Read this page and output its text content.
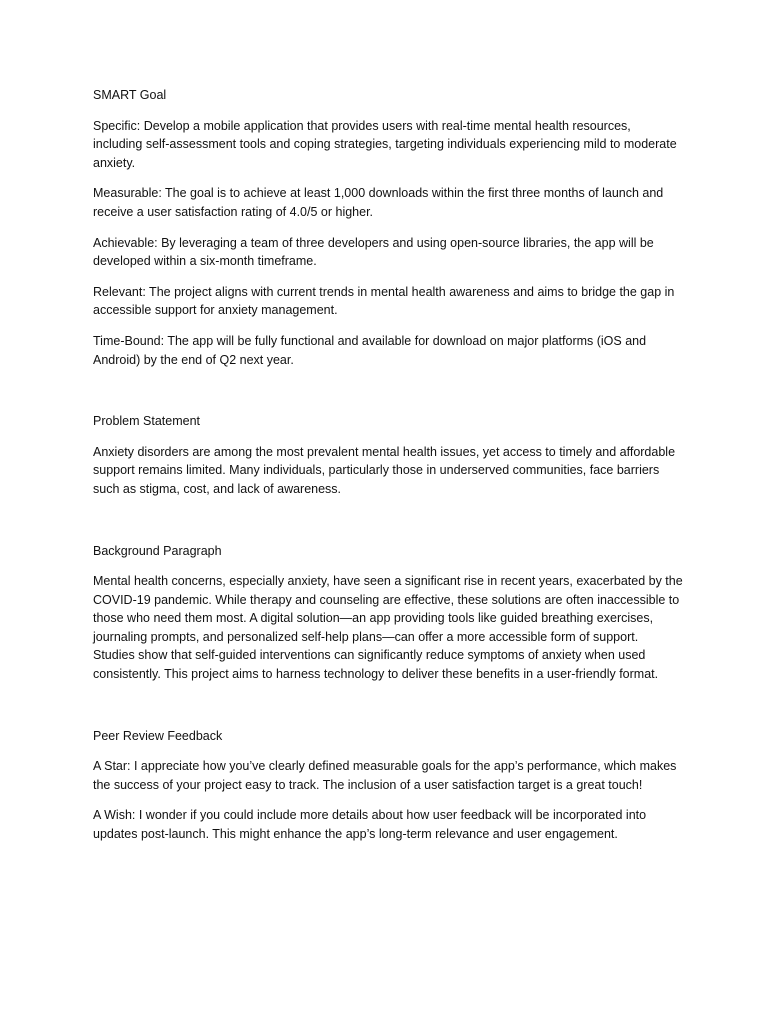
SMART Goal

Specific: Develop a mobile application that provides users with real-time mental health resources, including self-assessment tools and coping strategies, targeting individuals experiencing mild to moderate anxiety.

Measurable: The goal is to achieve at least 1,000 downloads within the first three months of launch and receive a user satisfaction rating of 4.0/5 or higher.

Achievable: By leveraging a team of three developers and using open-source libraries, the app will be developed within a six-month timeframe.

Relevant: The project aligns with current trends in mental health awareness and aims to bridge the gap in accessible support for anxiety management.

Time-Bound: The app will be fully functional and available for download on major platforms (iOS and Android) by the end of Q2 next year.

Problem Statement

Anxiety disorders are among the most prevalent mental health issues, yet access to timely and affordable support remains limited. Many individuals, particularly those in underserved communities, face barriers such as stigma, cost, and lack of awareness.

Background Paragraph

Mental health concerns, especially anxiety, have seen a significant rise in recent years, exacerbated by the COVID-19 pandemic. While therapy and counseling are effective, these solutions are often inaccessible to those who need them most. A digital solution—an app providing tools like guided breathing exercises, journaling prompts, and personalized self-help plans—can offer a more accessible form of support. Studies show that self-guided interventions can significantly reduce symptoms of anxiety when used consistently. This project aims to harness technology to deliver these benefits in a user-friendly format.

Peer Review Feedback

A Star: I appreciate how you’ve clearly defined measurable goals for the app’s performance, which makes the success of your project easy to track. The inclusion of a user satisfaction target is a great touch!

A Wish: I wonder if you could include more details about how user feedback will be incorporated into updates post-launch. This might enhance the app’s long-term relevance and user engagement.
